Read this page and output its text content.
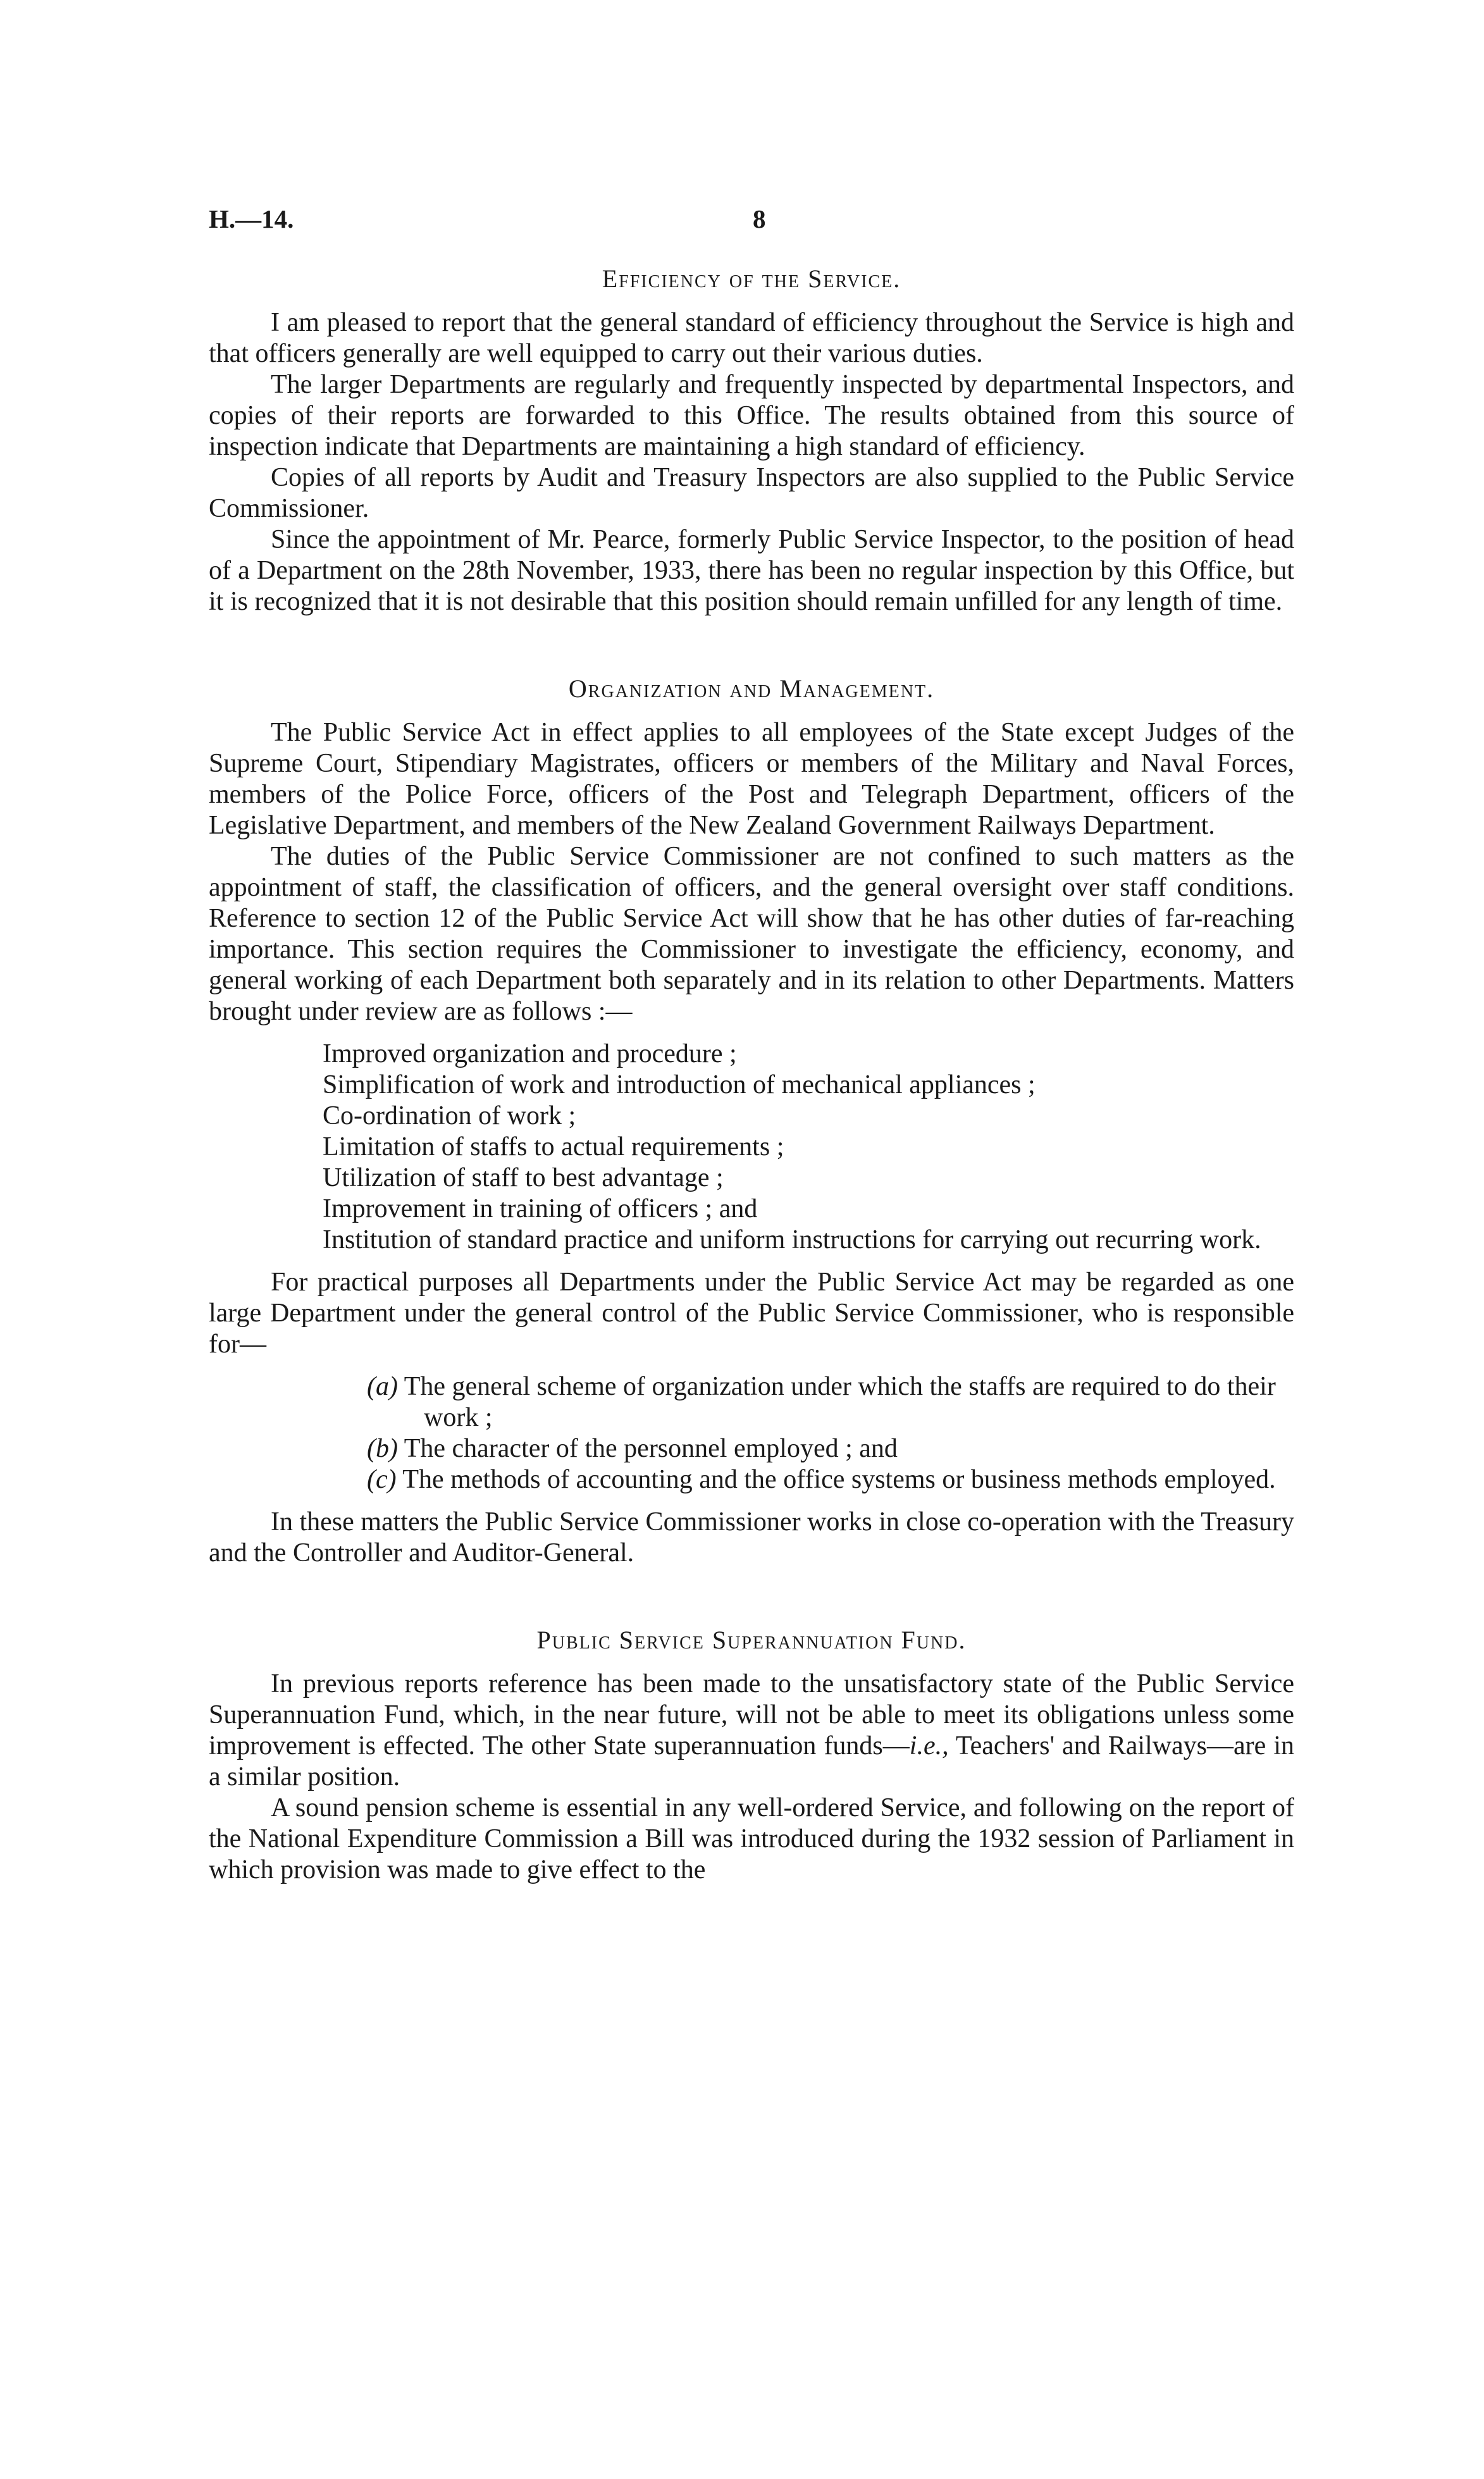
H.—14.	8
Efficiency of the Service.

I am pleased to report that the general standard of efficiency throughout the Service is high and that officers generally are well equipped to carry out their various duties.

The larger Departments are regularly and frequently inspected by departmental Inspectors, and copies of their reports are forwarded to this Office. The results obtained from this source of inspection indicate that Departments are maintaining a high standard of efficiency.

Copies of all reports by Audit and Treasury Inspectors are also supplied to the Public Service Commissioner.

Since the appointment of Mr. Pearce, formerly Public Service Inspector, to the position of head of a Department on the 28th November, 1933, there has been no regular inspection by this Office, but it is recognized that it is not desirable that this position should remain unfilled for any length of time.

Organization and Management.

The Public Service Act in effect applies to all employees of the State except Judges of the Supreme Court, Stipendiary Magistrates, officers or members of the Military and Naval Forces, members of the Police Force, officers of the Post and Telegraph Department, officers of the Legislative Department, and members of the New Zealand Government Railways Department.

The duties of the Public Service Commissioner are not confined to such matters as the appointment of staff, the classification of officers, and the general oversight over staff conditions. Reference to section 12 of the Public Service Act will show that he has other duties of far-reaching importance. This section requires the Commissioner to investigate the efficiency, economy, and general working of each Department both separately and in its relation to other Departments. Matters brought under review are as follows :—

Improved organization and procedure ;
Simplification of work and introduction of mechanical appliances ;
Co-ordination of work ;
Limitation of staffs to actual requirements ;
Utilization of staff to best advantage ;
Improvement in training of officers ; and
Institution of standard practice and uniform instructions for carrying out recurring work.

For practical purposes all Departments under the Public Service Act may be regarded as one large Department under the general control of the Public Service Commissioner, who is responsible for—

(a) The general scheme of organization under which the staffs are required to do their work ;
(b) The character of the personnel employed ; and
(c) The methods of accounting and the office systems or business methods employed.

In these matters the Public Service Commissioner works in close co-operation with the Treasury and the Controller and Auditor-General.

Public Service Superannuation Fund.

In previous reports reference has been made to the unsatisfactory state of the Public Service Superannuation Fund, which, in the near future, will not be able to meet its obligations unless some improvement is effected. The other State superannuation funds—i.e., Teachers' and Railways—are in a similar position.

A sound pension scheme is essential in any well-ordered Service, and following on the report of the National Expenditure Commission a Bill was introduced during the 1932 session of Parliament in which provision was made to give effect to the
